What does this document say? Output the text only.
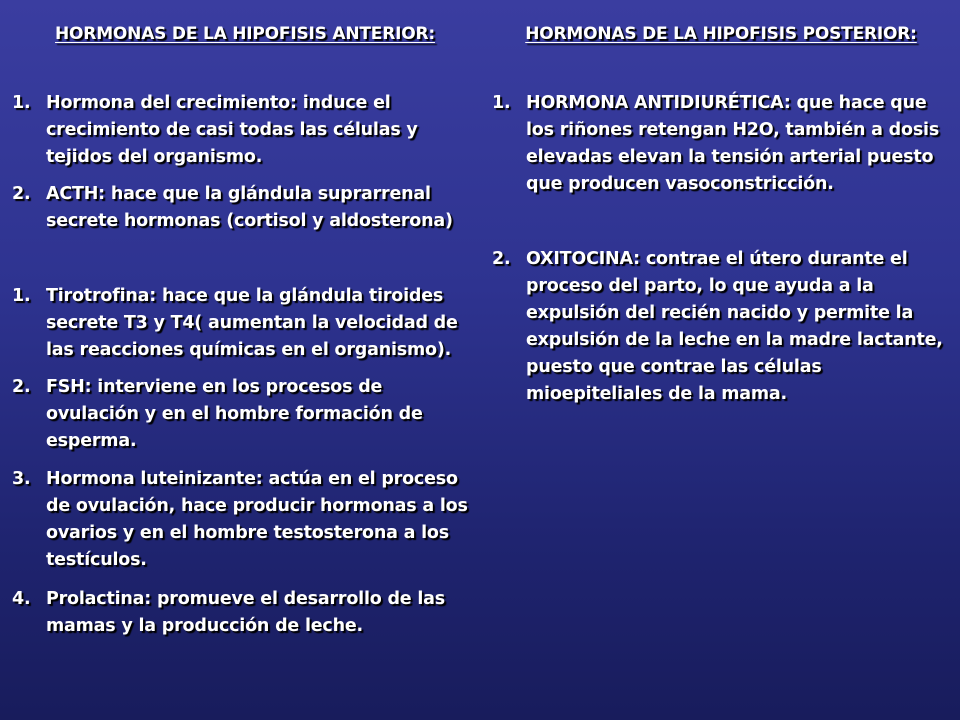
HORMONAS DE LA HIPOFISIS ANTERIOR:
1. Hormona del crecimiento: induce el crecimiento de casi todas las células y tejidos del organismo.
2. ACTH: hace que la glándula suprarrenal secrete hormonas (cortisol y aldosterona)
1. Tirotrofina: hace que la glándula tiroides secrete T3 y T4( aumentan la velocidad de las reacciones químicas en el organismo).
2. FSH: interviene en los procesos de ovulación y en el hombre formación de esperma.
3. Hormona luteinizante: actúa en el proceso de ovulación, hace producir hormonas a los ovarios y en el hombre testosterona a los testículos.
4. Prolactina: promueve el desarrollo de las mamas y la producción de leche.
HORMONAS DE LA HIPOFISIS POSTERIOR:
1. HORMONA ANTIDIURÉTICA: que hace que los riñones retengan H2O, también a dosis elevadas elevan la tensión arterial puesto que producen vasoconstricción.
2. OXITOCINA: contrae el útero durante el proceso del parto, lo que ayuda a la expulsión del recién nacido y permite la expulsión de la leche en la madre lactante, puesto que contrae las células mioepiteliales de la mama.
